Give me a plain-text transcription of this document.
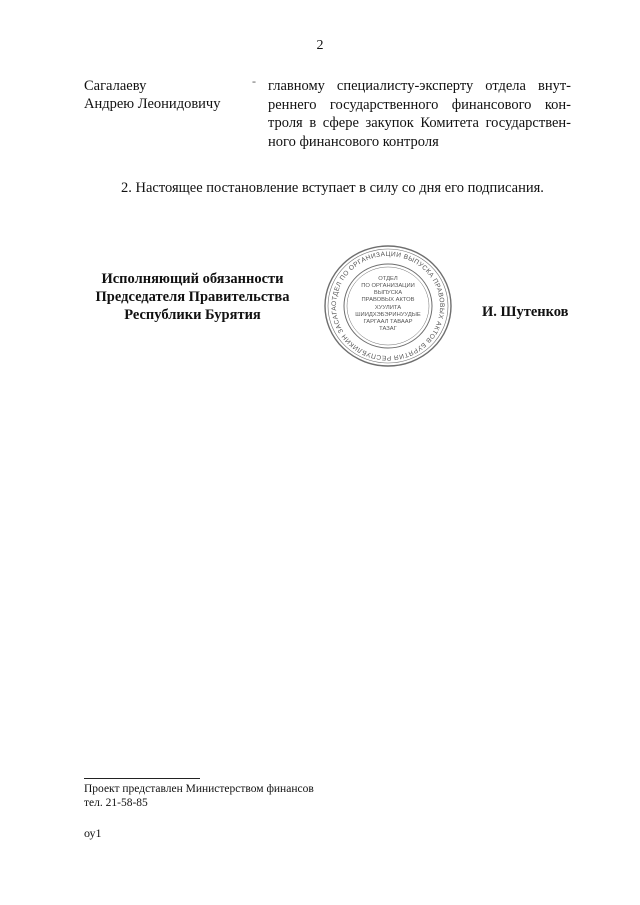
2
Сагалаеву
Андрею Леонидовичу
- главному специалисту-эксперту отдела внут-
реннего государственного финансового кон-
троля в сфере закупок Комитета государствен-
ного финансового контроля
2. Настоящее постановление вступает в силу со дня его подписания.
Исполняющий обязанности
Председателя Правительства
Республики Бурятия
ОТДЕЛ ПО ОРГАНИЗАЦИИ ВЫПУСКА ПРАВОВЫХ АКТОВ БУРЯТИЯ РЕСПУБЛИКИН ЗАСАГА
ОТДЕЛ
ПО ОРГАНИЗАЦИИ
ВЫПУСКА
ПРАВОВЫХ АКТОВ
ХУУЛИТА
ШИИДХЭБЭРИНУУДЫЕ
ГАРГААЛ ТАВААР
ТАЗАГ
И. Шутенков
Проект представлен Министерством финансов
тел. 21-58-85
оу1
